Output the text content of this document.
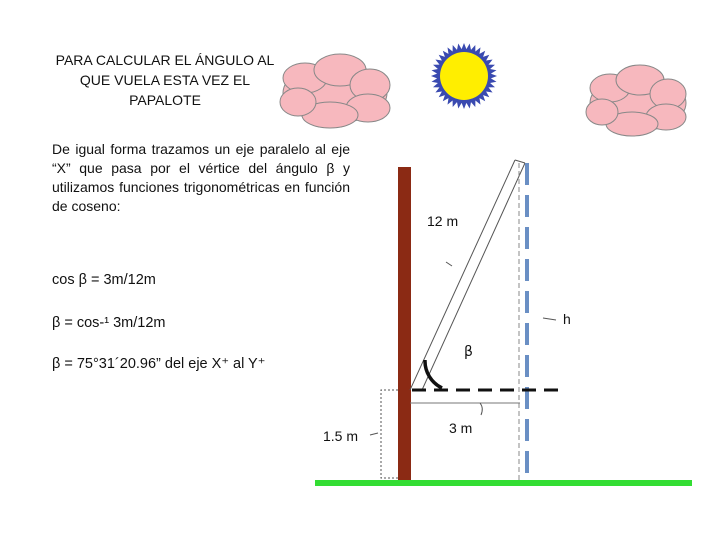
PARA CALCULAR EL ÁNGULO AL
QUE VUELA ESTA VEZ EL
PAPALOTE
De igual forma trazamos un eje paralelo al eje “X” que pasa por el vértice del ángulo β y utilizamos funciones trigonométricas en función de coseno:
cos β = 3m/12m
β = cos-¹ 3m/12m
β = 75°31´20.96” del eje X⁺ al Y⁺
12 m
h
β
3 m
1.5 m
